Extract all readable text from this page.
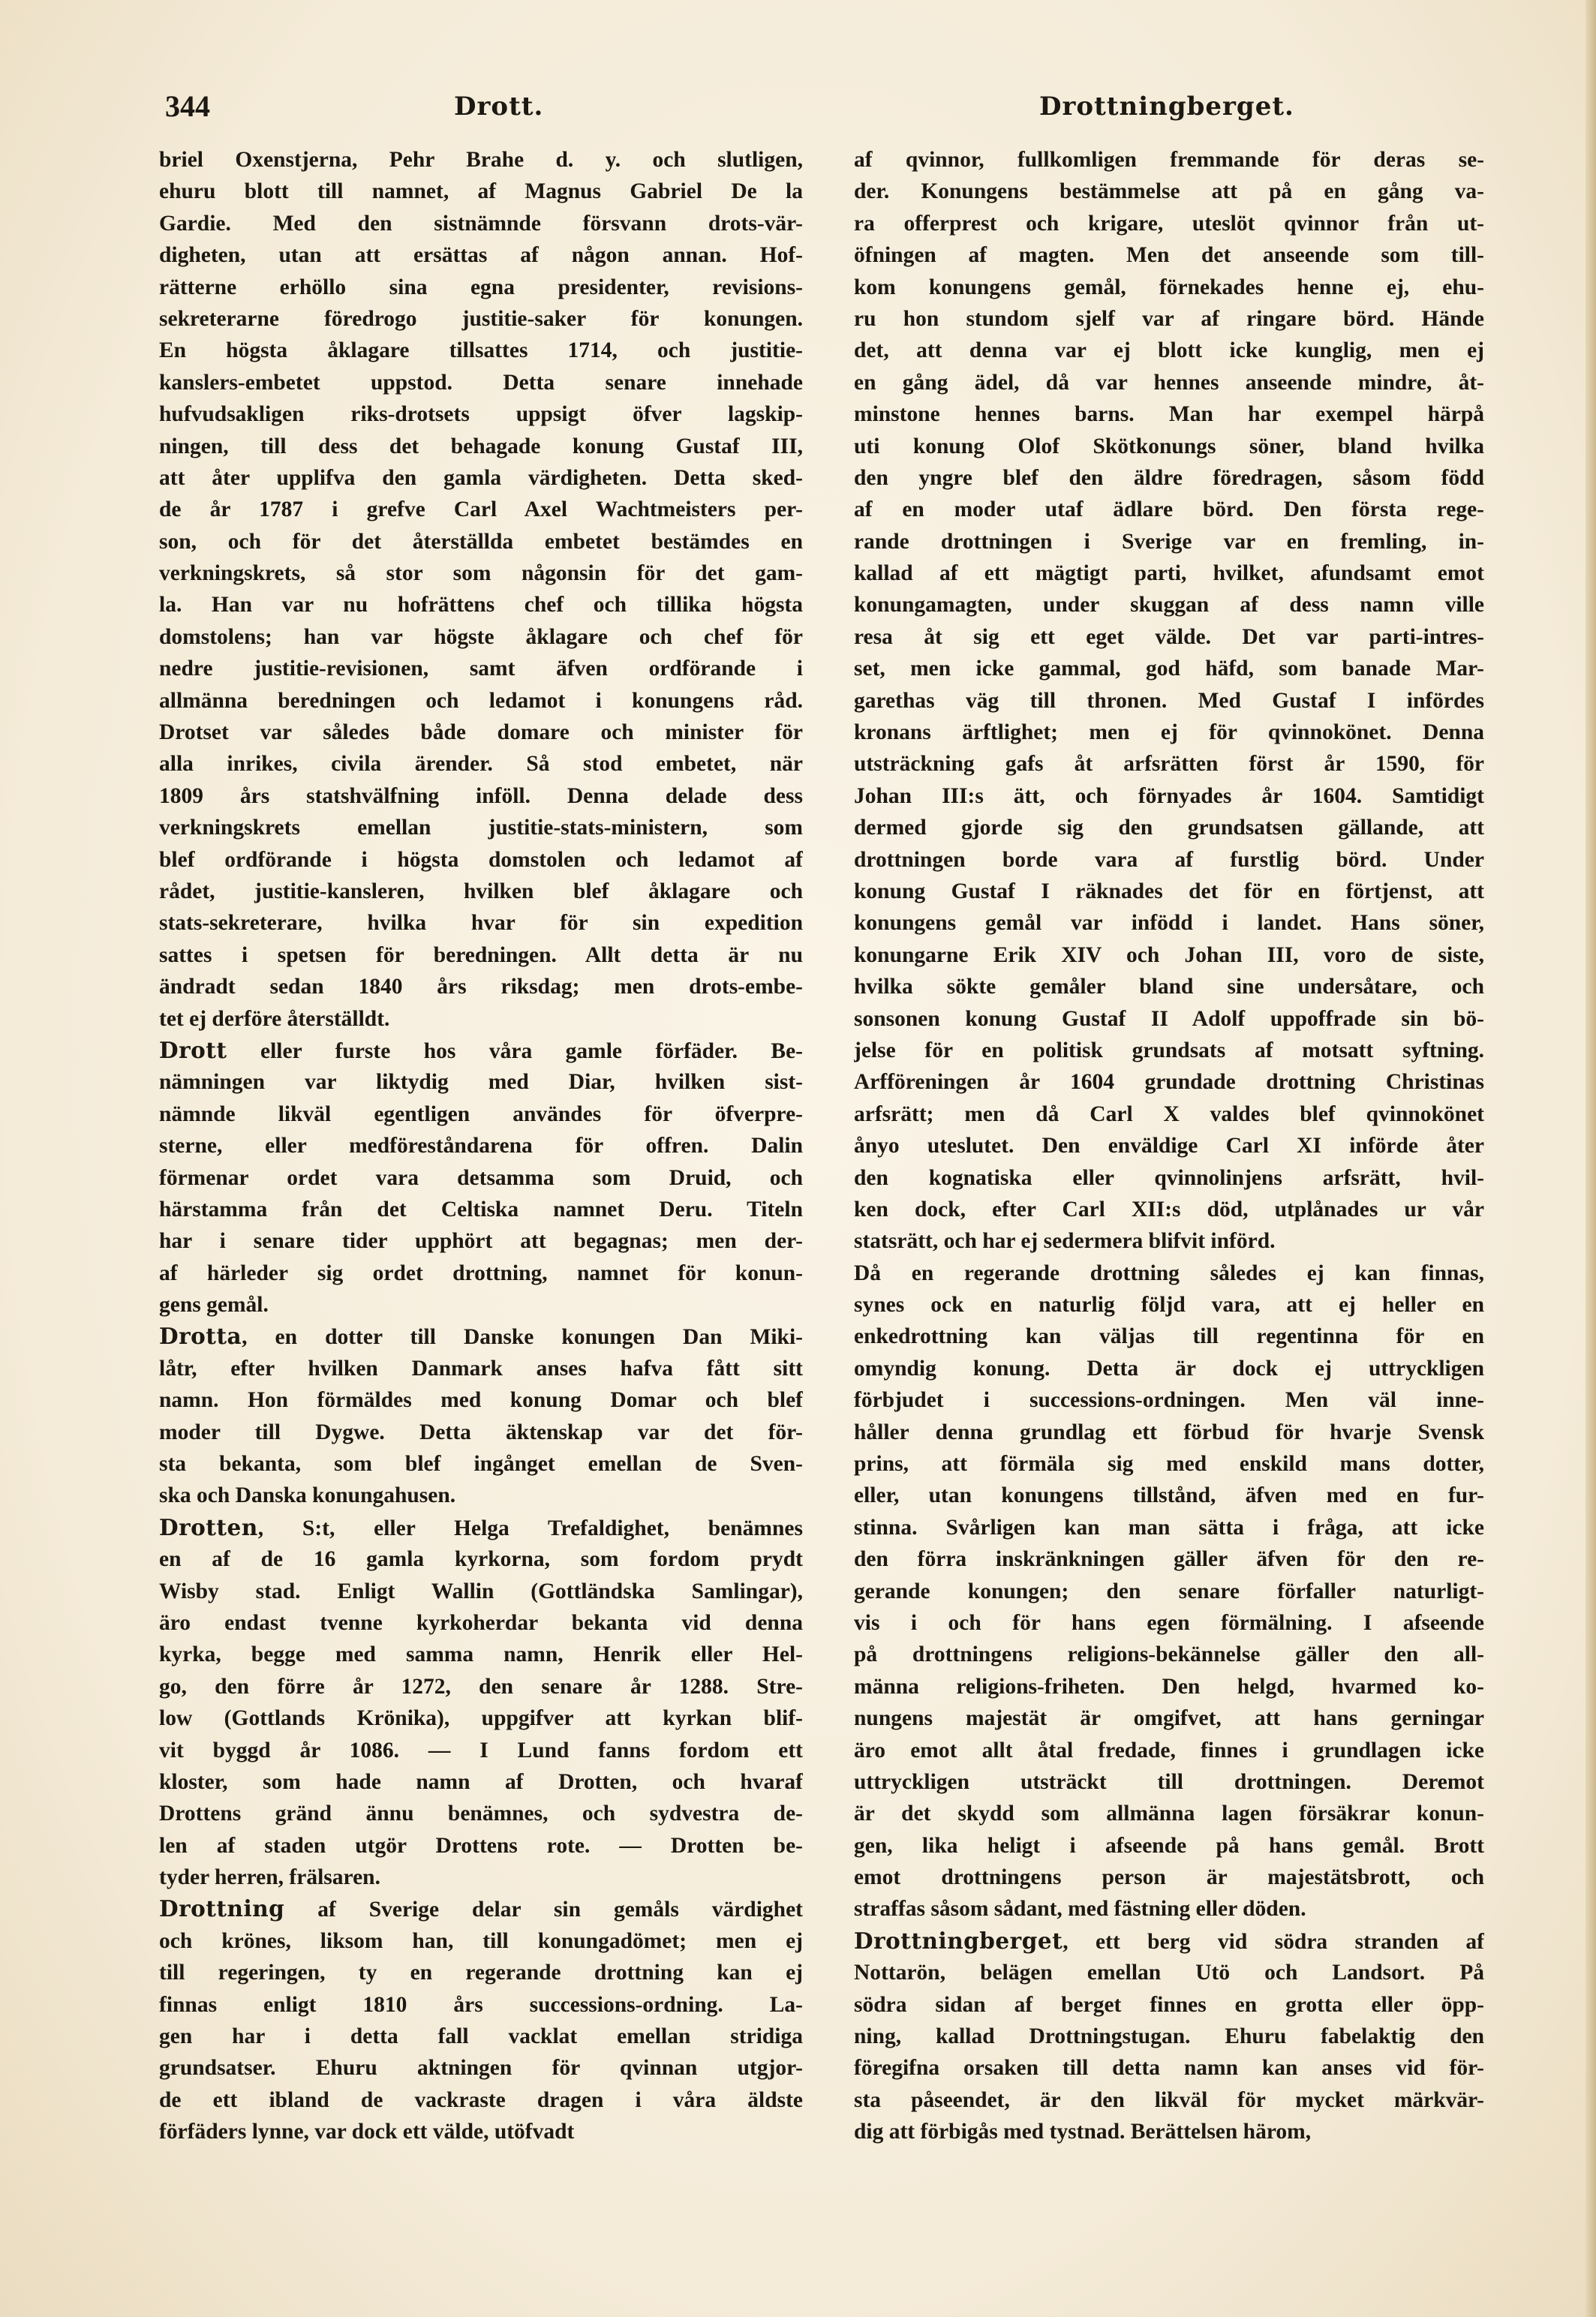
344	Drott.	Drottningberget.
briel Oxenstjerna, Pehr Brahe d. y. och slutligen,
ehuru blott till namnet, af Magnus Gabriel De la
Gardie. Med den sistnämnde försvann drots-vär-
digheten, utan att ersättas af någon annan. Hof-
rätterne erhöllo sina egna presidenter, revisions-
sekreterarne föredrogo justitie-saker för konungen.
En högsta åklagare tillsattes 1714, och justitie-
kanslers-embetet uppstod. Detta senare innehade
hufvudsakligen riks-drotsets uppsigt öfver lagskip-
ningen, till dess det behagade konung Gustaf III,
att åter upplifva den gamla värdigheten. Detta sked-
de år 1787 i grefve Carl Axel Wachtmeisters per-
son, och för det återställda embetet bestämdes en
verkningskrets, så stor som någonsin för det gam-
la. Han var nu hofrättens chef och tillika högsta
domstolens; han var högste åklagare och chef för
nedre justitie-revisionen, samt äfven ordförande i
allmänna beredningen och ledamot i konungens råd.
Drotset var således både domare och minister för
alla inrikes, civila ärender. Så stod embetet, när
1809 års statshvälfning inföll. Denna delade dess
verkningskrets emellan justitie-stats-ministern, som
blef ordförande i högsta domstolen och ledamot af
rådet, justitie-kansleren, hvilken blef åklagare och
stats-sekreterare, hvilka hvar för sin expedition
sattes i spetsen för beredningen. Allt detta är nu
ändradt sedan 1840 års riksdag; men drots-embe-
tet ej derföre återställdt.
Drott eller furste hos våra gamle förfäder. Be-
nämningen var liktydig med Diar, hvilken sist-
nämnde likväl egentligen användes för öfverpre-
sterne, eller medföreståndarena för offren. Dalin
förmenar ordet vara detsamma som Druid, och
härstamma från det Celtiska namnet Deru. Titeln
har i senare tider upphört att begagnas; men der-
af härleder sig ordet drottning, namnet för konun-
gens gemål.
Drotta, en dotter till Danske konungen Dan Miki-
låtr, efter hvilken Danmark anses hafva fått sitt
namn. Hon förmäldes med konung Domar och blef
moder till Dygwe. Detta äktenskap var det för-
sta bekanta, som blef ingånget emellan de Sven-
ska och Danska konungahusen.
Drotten, S:t, eller Helga Trefaldighet, benämnes
en af de 16 gamla kyrkorna, som fordom prydt
Wisby stad. Enligt Wallin (Gottländska Samlingar),
äro endast tvenne kyrkoherdar bekanta vid denna
kyrka, begge med samma namn, Henrik eller Hel-
go, den förre år 1272, den senare år 1288. Stre-
low (Gottlands Krönika), uppgifver att kyrkan blif-
vit byggd år 1086. — I Lund fanns fordom ett
kloster, som hade namn af Drotten, och hvaraf
Drottens gränd ännu benämnes, och sydvestra de-
len af staden utgör Drottens rote. — Drotten be-
tyder herren, frälsaren.
Drottning af Sverige delar sin gemåls värdighet
och krönes, liksom han, till konungadömet; men ej
till regeringen, ty en regerande drottning kan ej
finnas enligt 1810 års successions-ordning. La-
gen har i detta fall vacklat emellan stridiga
grundsatser. Ehuru aktningen för qvinnan utgjor-
de ett ibland de vackraste dragen i våra äldste
förfäders lynne, var dock ett välde, utöfvadt
af qvinnor, fullkomligen fremmande för deras se-
der. Konungens bestämmelse att på en gång va-
ra offerprest och krigare, uteslöt qvinnor från ut-
öfningen af magten. Men det anseende som till-
kom konungens gemål, förnekades henne ej, ehu-
ru hon stundom sjelf var af ringare börd. Hände
det, att denna var ej blott icke kunglig, men ej
en gång ädel, då var hennes anseende mindre, åt-
minstone hennes barns. Man har exempel härpå
uti konung Olof Skötkonungs söner, bland hvilka
den yngre blef den äldre föredragen, såsom född
af en moder utaf ädlare börd. Den första rege-
rande drottningen i Sverige var en fremling, in-
kallad af ett mägtigt parti, hvilket, afundsamt emot
konungamagten, under skuggan af dess namn ville
resa åt sig ett eget välde. Det var parti-intres-
set, men icke gammal, god häfd, som banade Mar-
garethas väg till thronen. Med Gustaf I infördes
kronans ärftlighet; men ej för qvinnokönet. Denna
utsträckning gafs åt arfsrätten först år 1590, för
Johan III:s ätt, och förnyades år 1604. Samtidigt
dermed gjorde sig den grundsatsen gällande, att
drottningen borde vara af furstlig börd. Under
konung Gustaf I räknades det för en förtjenst, att
konungens gemål var infödd i landet. Hans söner,
konungarne Erik XIV och Johan III, voro de siste,
hvilka sökte gemåler bland sine undersåtare, och
sonsonen konung Gustaf II Adolf uppoffrade sin bö-
jelse för en politisk grundsats af motsatt syftning.
Arfföreningen år 1604 grundade drottning Christinas
arfsrätt; men då Carl X valdes blef qvinnokönet
ånyo uteslutet. Den enväldige Carl XI införde åter
den kognatiska eller qvinnolinjens arfsrätt, hvil-
ken dock, efter Carl XII:s död, utplånades ur vår
statsrätt, och har ej sedermera blifvit införd.
Då en regerande drottning således ej kan finnas,
synes ock en naturlig följd vara, att ej heller en
enkedrottning kan väljas till regentinna för en
omyndig konung. Detta är dock ej uttryckligen
förbjudet i successions-ordningen. Men väl inne-
håller denna grundlag ett förbud för hvarje Svensk
prins, att förmäla sig med enskild mans dotter,
eller, utan konungens tillstånd, äfven med en fur-
stinna. Svårligen kan man sätta i fråga, att icke
den förra inskränkningen gäller äfven för den re-
gerande konungen; den senare förfaller naturligt-
vis i och för hans egen förmälning. I afseende
på drottningens religions-bekännelse gäller den all-
männa religions-friheten. Den helgd, hvarmed ko-
nungens majestät är omgifvet, att hans gerningar
äro emot allt åtal fredade, finnes i grundlagen icke
uttryckligen utsträckt till drottningen. Deremot
är det skydd som allmänna lagen försäkrar konun-
gen, lika heligt i afseende på hans gemål. Brott
emot drottningens person är majestätsbrott, och
straffas såsom sådant, med fästning eller döden.
Drottningberget, ett berg vid södra stranden af
Nottarön, belägen emellan Utö och Landsort. På
södra sidan af berget finnes en grotta eller öpp-
ning, kallad Drottningstugan. Ehuru fabelaktig den
föregifna orsaken till detta namn kan anses vid för-
sta påseendet, är den likväl för mycket märkvär-
dig att förbigås med tystnad. Berättelsen härom,
